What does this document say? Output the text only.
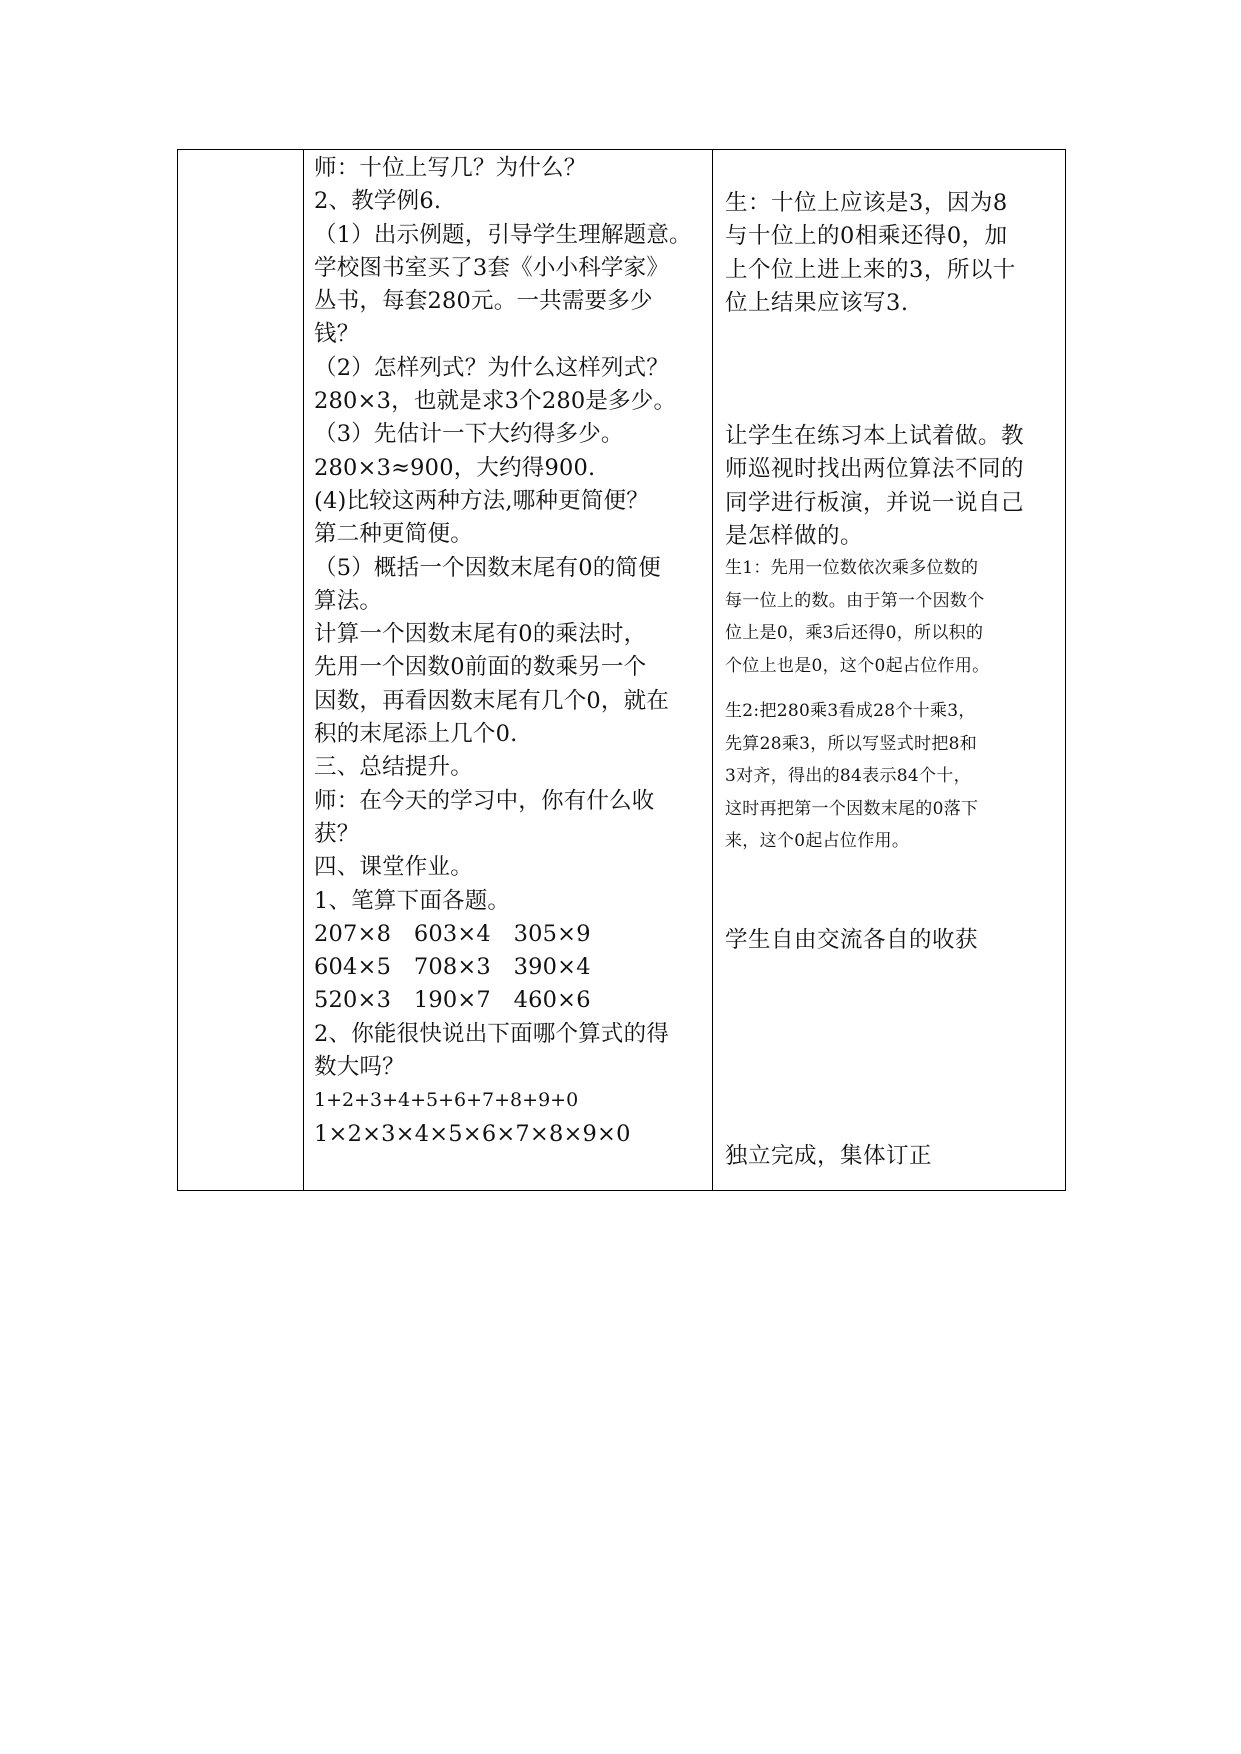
师：十位上写几？为什么？
2、教学例6.
（1）出示例题，引导学生理解题意。
学校图书室买了3套《小小科学家》
丛书，每套280元。一共需要多少
钱？
（2）怎样列式？为什么这样列式？
280×3，也就是求3个280是多少。
（3）先估计一下大约得多少。
280×3≈900，大约得900.
(4)比较这两种方法,哪种更简便？
第二种更简便。
（5）概括一个因数末尾有0的简便
算法。
计算一个因数末尾有0的乘法时，
先用一个因数0前面的数乘另一个
因数，再看因数末尾有几个0，就在
积的末尾添上几个0.
三、总结提升。
师：在今天的学习中，你有什么收
获？
四、课堂作业。
1、笔算下面各题。
207×8　603×4　305×9
604×5　708×3　390×4
520×3　190×7　460×6
2、你能很快说出下面哪个算式的得
数大吗？
1+2+3+4+5+6+7+8+9+0
1×2×3×4×5×6×7×8×9×0

生：十位上应该是3，因为8
与十位上的0相乘还得0，加
上个位上进上来的3，所以十
位上结果应该写3.
让学生在练习本上试着做。教
师巡视时找出两位算法不同的
同学进行板演，并说一说自己
是怎样做的。
生1：先用一位数依次乘多位数的
每一位上的数。由于第一个因数个
位上是0，乘3后还得0，所以积的
个位上也是0，这个0起占位作用。
生2:把280乘3看成28个十乘3，
先算28乘3，所以写竖式时把8和
3对齐，得出的84表示84个十，
这时再把第一个因数末尾的0落下
来，这个0起占位作用。
学生自由交流各自的收获
独立完成，集体订正
